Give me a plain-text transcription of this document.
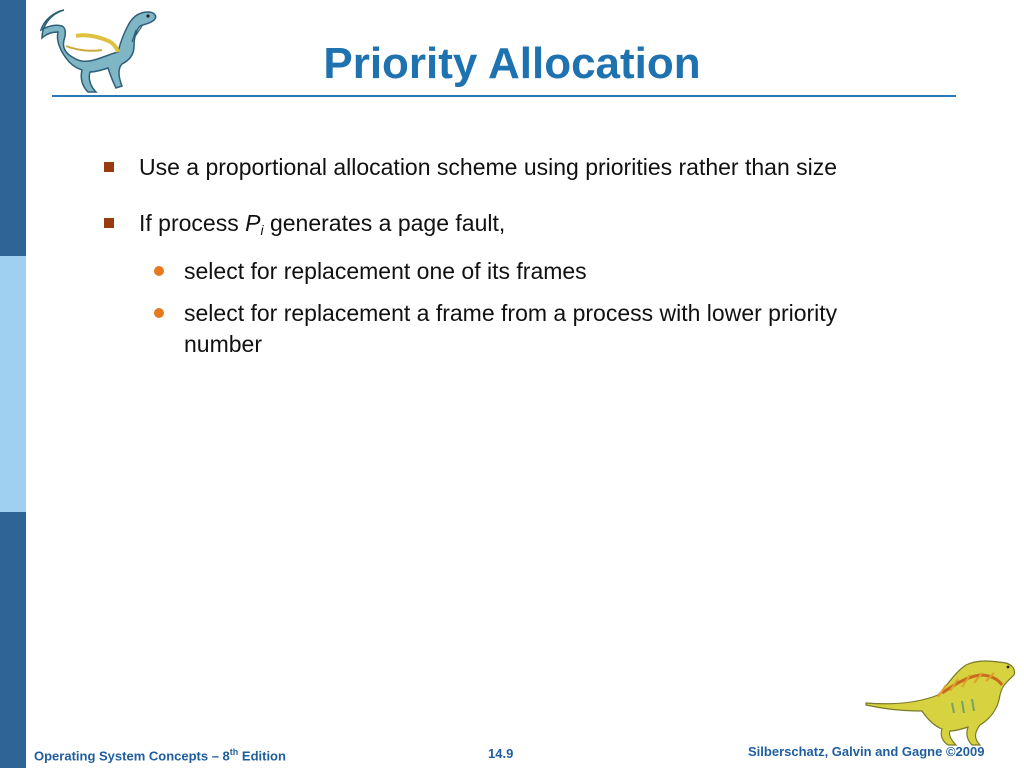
Priority Allocation
Use a proportional allocation scheme using priorities rather than size
If process Pi generates a page fault,
select for replacement one of its frames
select for replacement a frame from a process with lower priority number
Operating System Concepts – 8th Edition	14.9	Silberschatz, Galvin and Gagne ©2009
